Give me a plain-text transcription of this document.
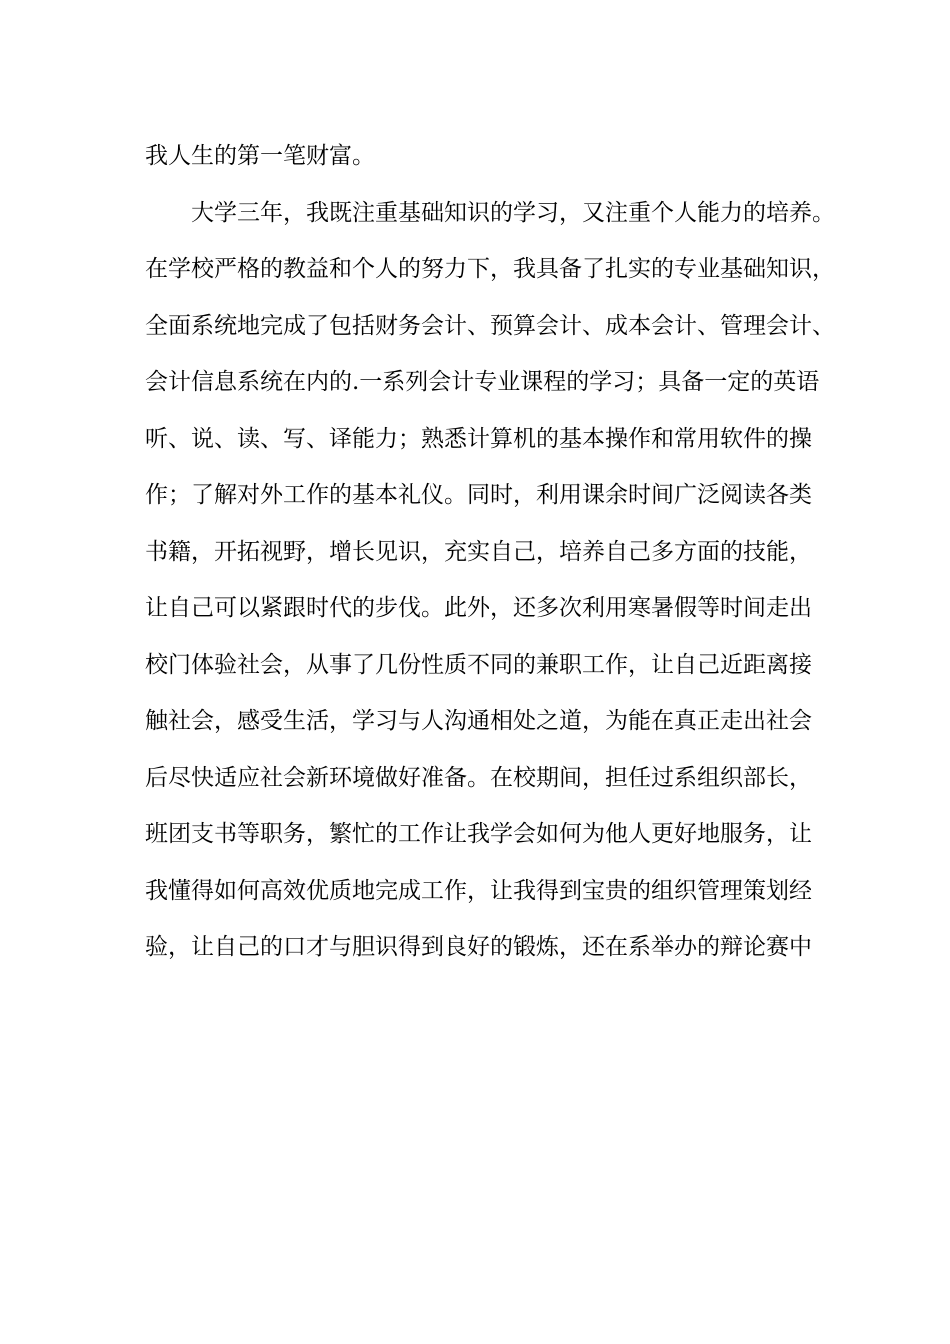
我人生的第一笔财富。
大学三年，我既注重基础知识的学习，又注重个人能力的培养。
在学校严格的教益和个人的努力下，我具备了扎实的专业基础知识，
全面系统地完成了包括财务会计、预算会计、成本会计、管理会计、
会计信息系统在内的.一系列会计专业课程的学习；具备一定的英语
听、说、读、写、译能力；熟悉计算机的基本操作和常用软件的操
作；了解对外工作的基本礼仪。同时，利用课余时间广泛阅读各类
书籍，开拓视野，增长见识，充实自己，培养自己多方面的技能，
让自己可以紧跟时代的步伐。此外，还多次利用寒暑假等时间走出
校门体验社会，从事了几份性质不同的兼职工作，让自己近距离接
触社会，感受生活，学习与人沟通相处之道，为能在真正走出社会
后尽快适应社会新环境做好准备。在校期间，担任过系组织部长，
班团支书等职务，繁忙的工作让我学会如何为他人更好地服务，让
我懂得如何高效优质地完成工作，让我得到宝贵的组织管理策划经
验，让自己的口才与胆识得到良好的锻炼，还在系举办的辩论赛中
